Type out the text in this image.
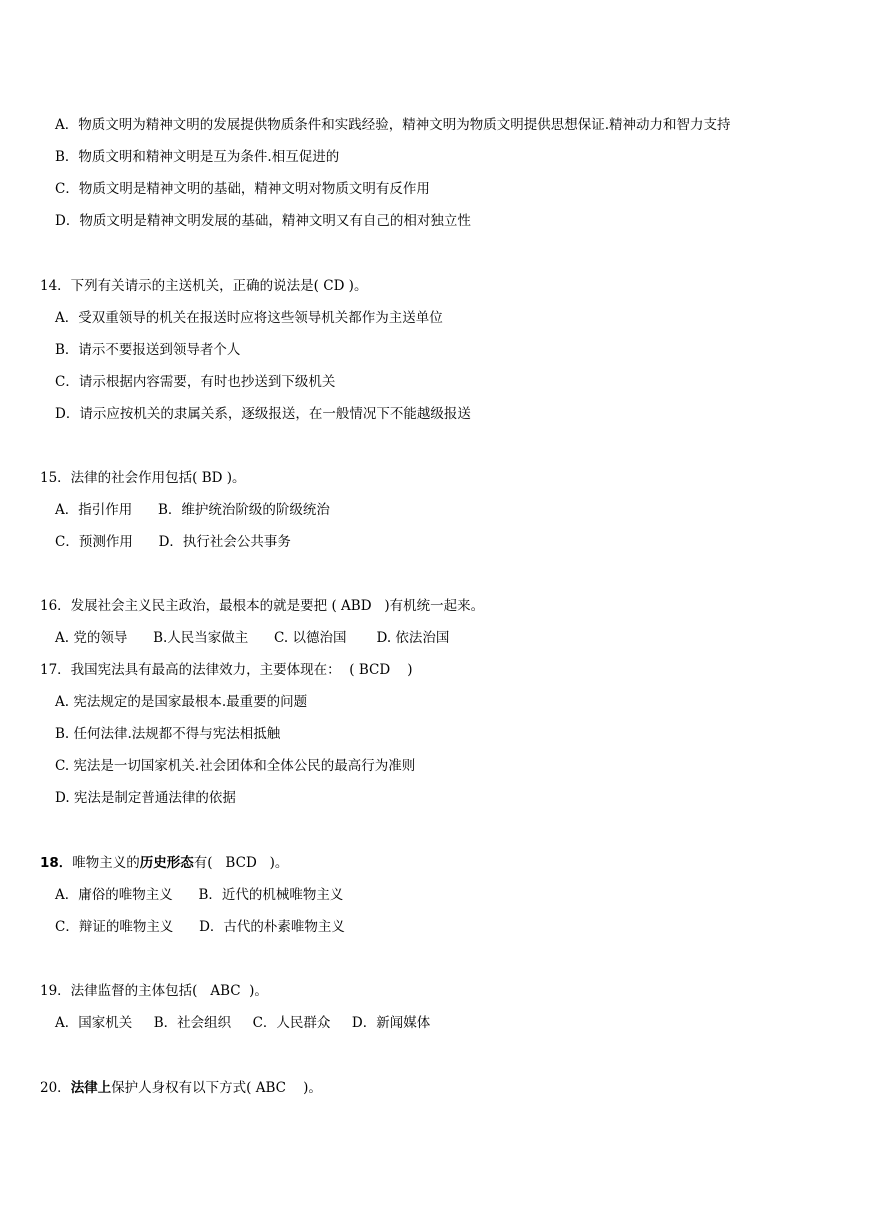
A．物质文明为精神文明的发展提供物质条件和实践经验，精神文明为物质文明提供思想保证.精神动力和智力支持
B．物质文明和精神文明是互为条件.相互促进的
C．物质文明是精神文明的基础，精神文明对物质文明有反作用
D．物质文明是精神文明发展的基础，精神文明又有自己的相对独立性
14．下列有关请示的主送机关，正确的说法是( CD )。
A．受双重领导的机关在报送时应将这些领导机关都作为主送单位
B．请示不要报送到领导者个人
C．请示根据内容需要，有时也抄送到下级机关
D．请示应按机关的隶属关系，逐级报送，在一般情况下不能越级报送
15．法律的社会作用包括( BD )。
A．指引作用      B．维护统治阶级的阶级统治
C．预测作用      D．执行社会公共事务
16．发展社会主义民主政治，最根本的就是要把 ( ABD   )有机统一起来。
A. 党的领导      B.人民当家做主      C. 以德治国       D. 依法治国
17．我国宪法具有最高的法律效力，主要体现在：  ( BCD    )
A. 宪法规定的是国家最根本.最重要的问题
B. 任何法律.法规都不得与宪法相抵触
C. 宪法是一切国家机关.社会团体和全体公民的最高行为准则
D. 宪法是制定普通法律的依据
18．唯物主义的历史形态有(   BCD   )。
A．庸俗的唯物主义      B．近代的机械唯物主义
C．辩证的唯物主义      D．古代的朴素唯物主义
19．法律监督的主体包括(   ABC  )。
A．国家机关     B．社会组织     C．人民群众     D．新闻媒体
20．法律上保护人身权有以下方式( ABC    )。
